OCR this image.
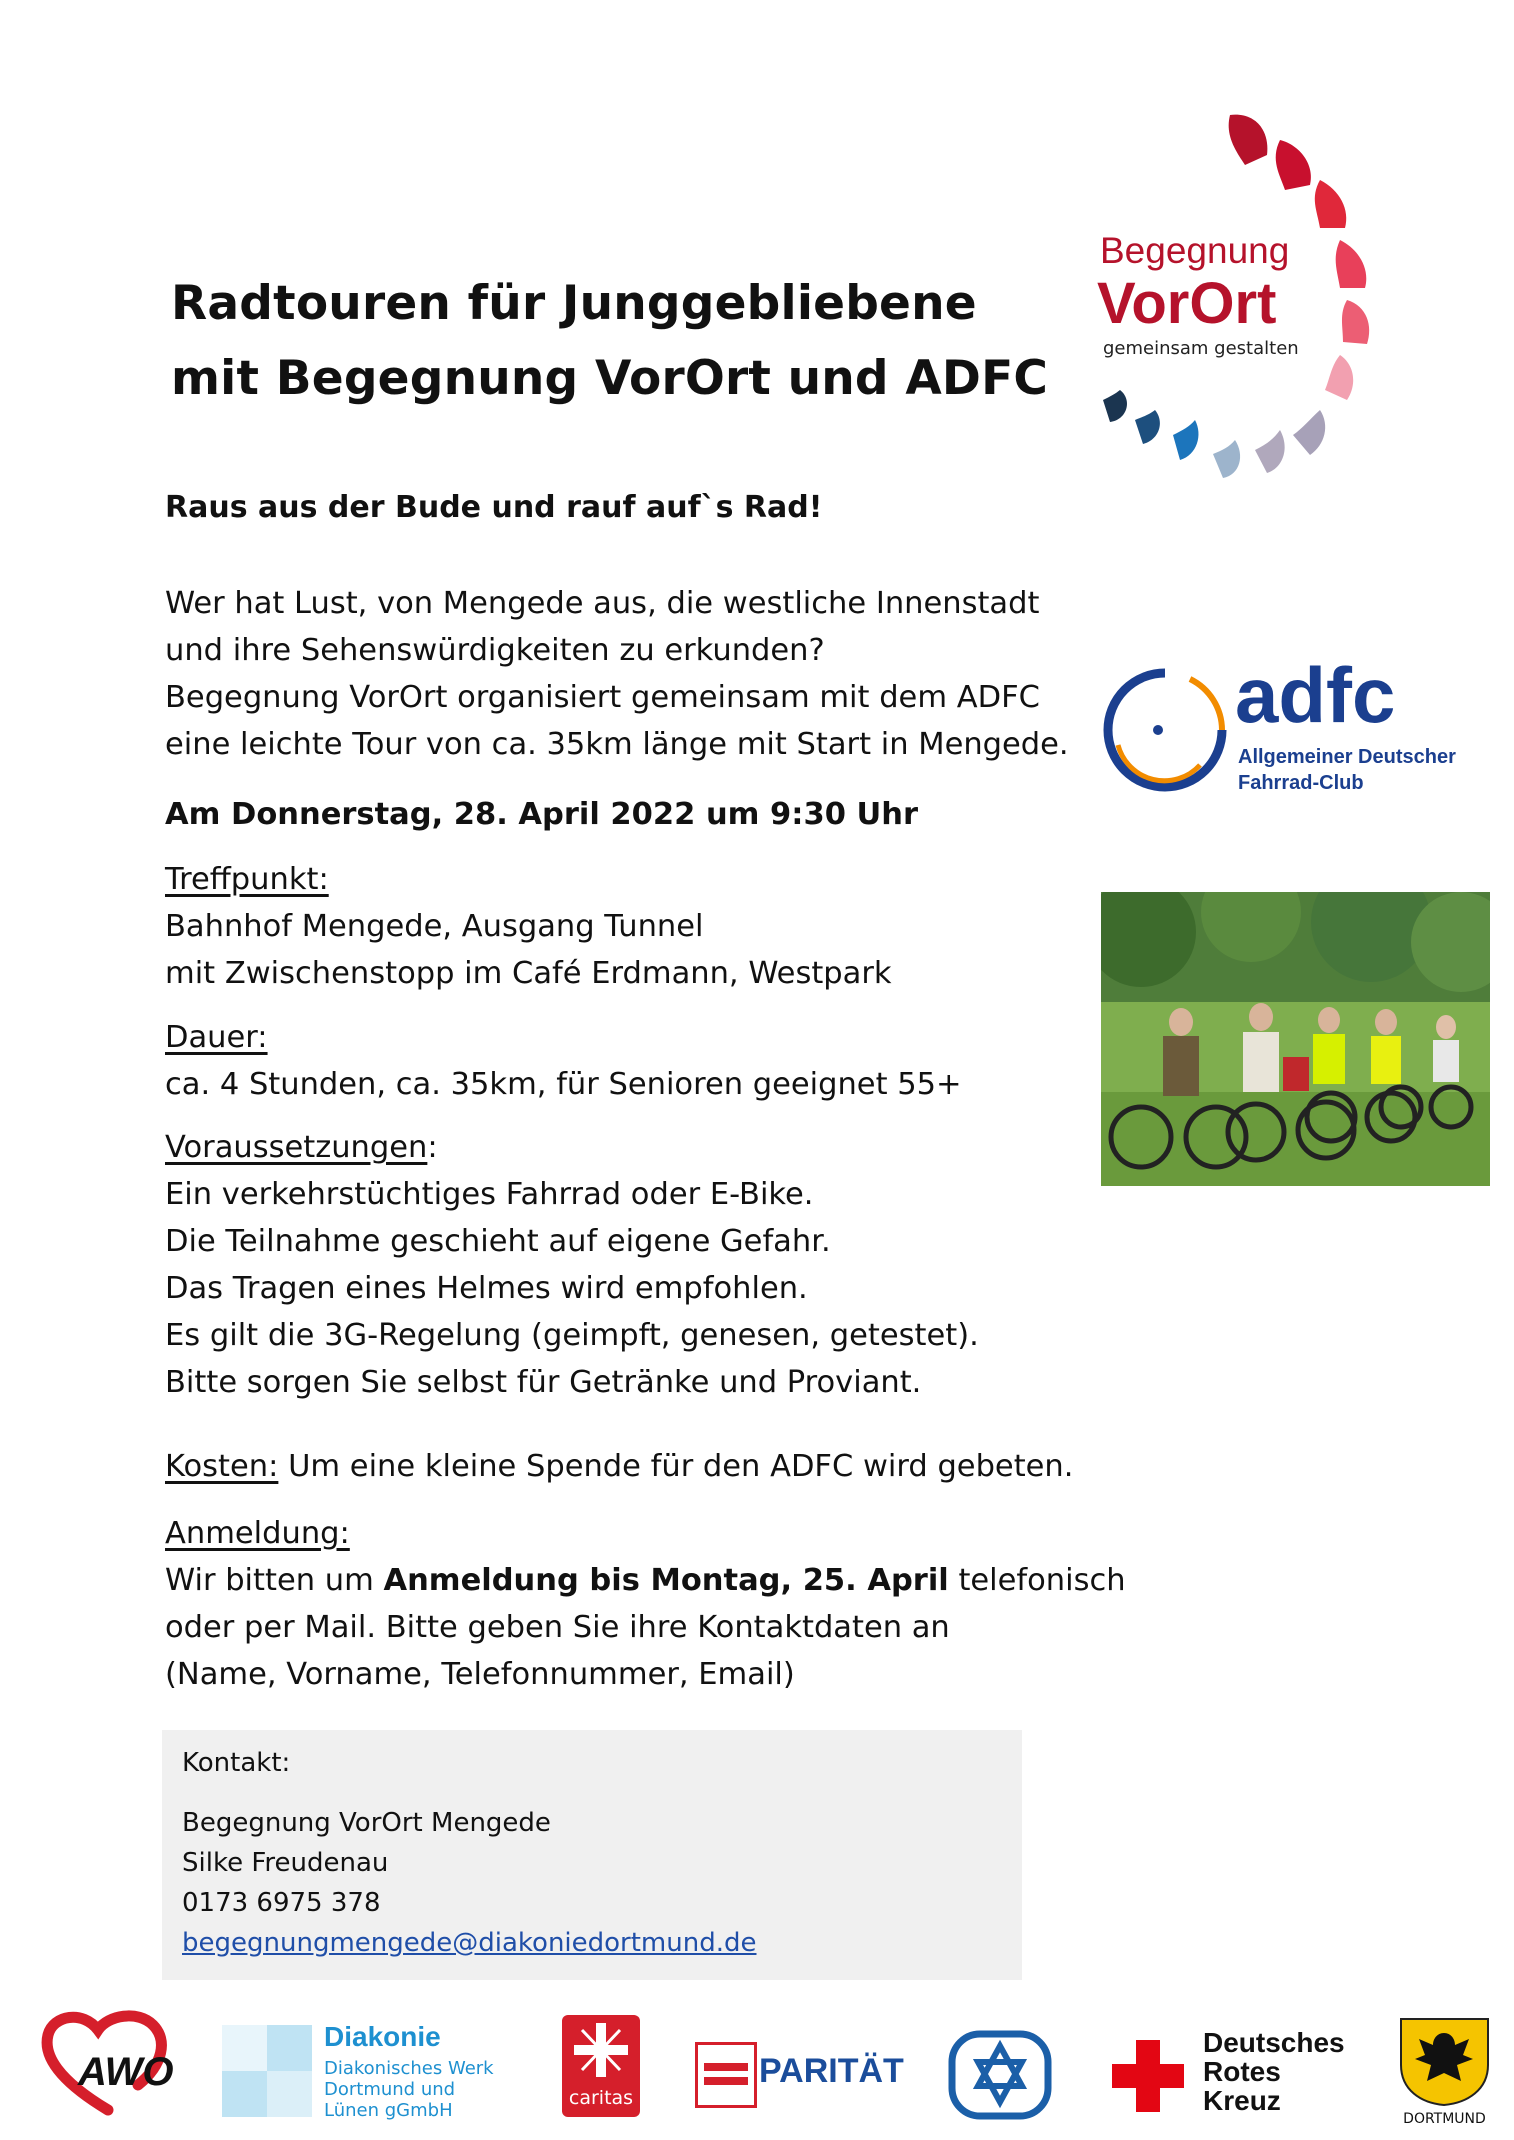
Radtouren für Junggebliebene
mit Begegnung VorOrt und ADFC
Begegnung
VorOrt
gemeinsam gestalten
adfc
Allgemeiner Deutscher
Fahrrad-Club
Raus aus der Bude und rauf auf`s Rad!
Wer hat Lust, von Mengede aus, die westliche Innenstadt
und ihre Sehenswürdigkeiten zu erkunden?
Begegnung VorOrt organisiert gemeinsam mit dem ADFC
eine leichte Tour von ca. 35km länge mit Start in Mengede.
Am Donnerstag, 28. April 2022 um 9:30 Uhr
Treffpunkt:
Bahnhof Mengede, Ausgang Tunnel
mit Zwischenstopp im Café Erdmann, Westpark
Dauer:
ca. 4 Stunden, ca. 35km, für Senioren geeignet 55+
Voraussetzungen:
Ein verkehrstüchtiges Fahrrad oder E-Bike.
Die Teilnahme geschieht auf eigene Gefahr.
Das Tragen eines Helmes wird empfohlen.
Es gilt die 3G-Regelung (geimpft, genesen, getestet).
Bitte sorgen Sie selbst für Getränke und Proviant.
Kosten: Um eine kleine Spende für den ADFC wird gebeten.
Anmeldung:
Wir bitten um Anmeldung bis Montag, 25. April telefonisch
oder per Mail. Bitte geben Sie ihre Kontaktdaten an
(Name, Vorname, Telefonnummer, Email)
Kontakt:
Begegnung VorOrt Mengede
Silke Freudenau
0173 6975 378
begegnungmengede@diakoniedortmund.de
AWO
Diakonie
Diakonisches Werk
Dortmund und
Lünen gGmbH
caritas
PARITÄT
Deutsches
Rotes
Kreuz
DORTMUND
